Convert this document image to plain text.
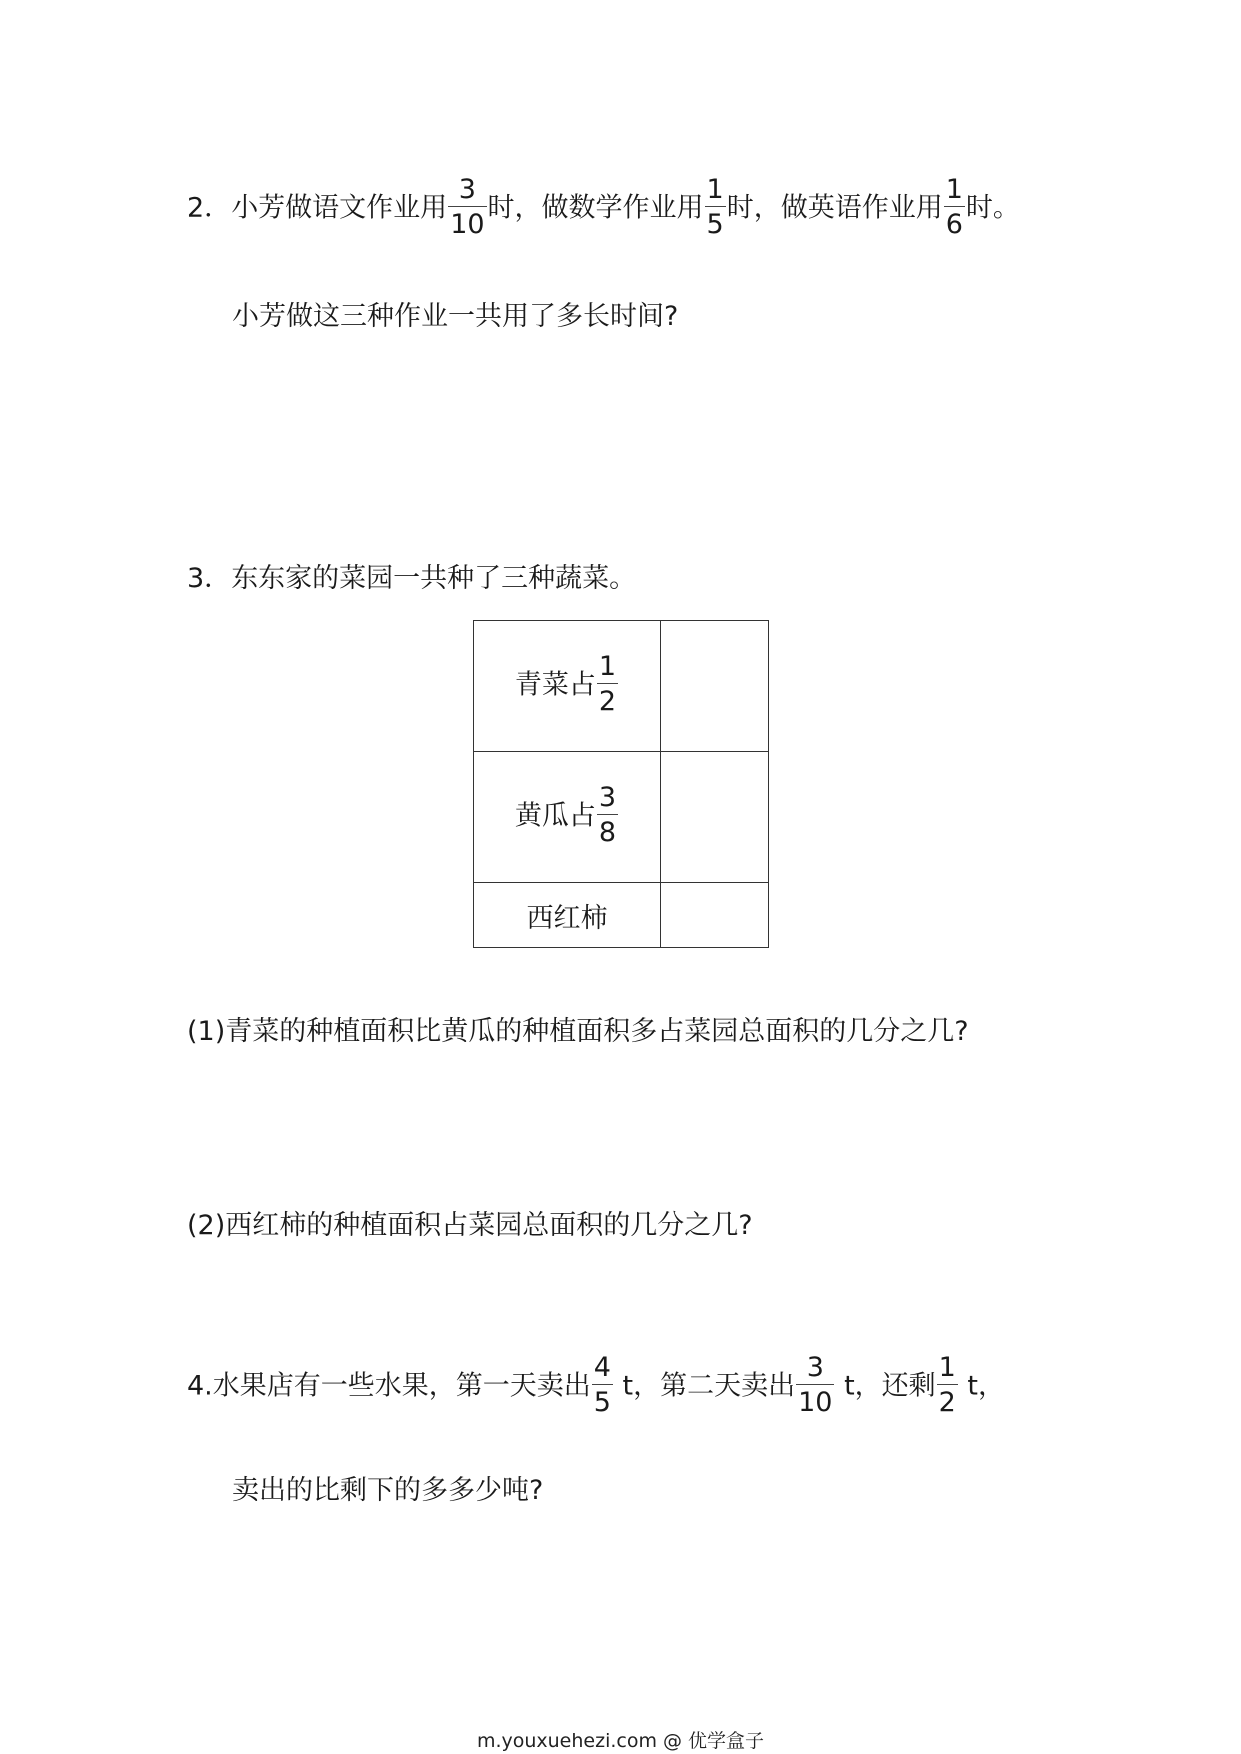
2．小芳做语文作业用 $\frac{3}{10}$ 时，做数学作业用 $\frac{1}{5}$ 时，做英语作业用 $\frac{1}{6}$ 时。
小芳做这三种作业一共用了多长时间?
3．东东家的菜园一共种了三种蔬菜。
青菜占 $\frac{1}{2}$

黄瓜占 $\frac{3}{8}$

西红柿	
(1)青菜的种植面积比黄瓜的种植面积多占菜园总面积的几分之几?
(2)西红柿的种植面积占菜园总面积的几分之几?
4.水果店有一些水果，第一天卖出 $\frac{4}{5}$ t，第二天卖出 $\frac{3}{10}$ t，还剩 $\frac{1}{2}$ t，
卖出的比剩下的多多少吨?
m.youxuehezi.com @ 优学盒子
